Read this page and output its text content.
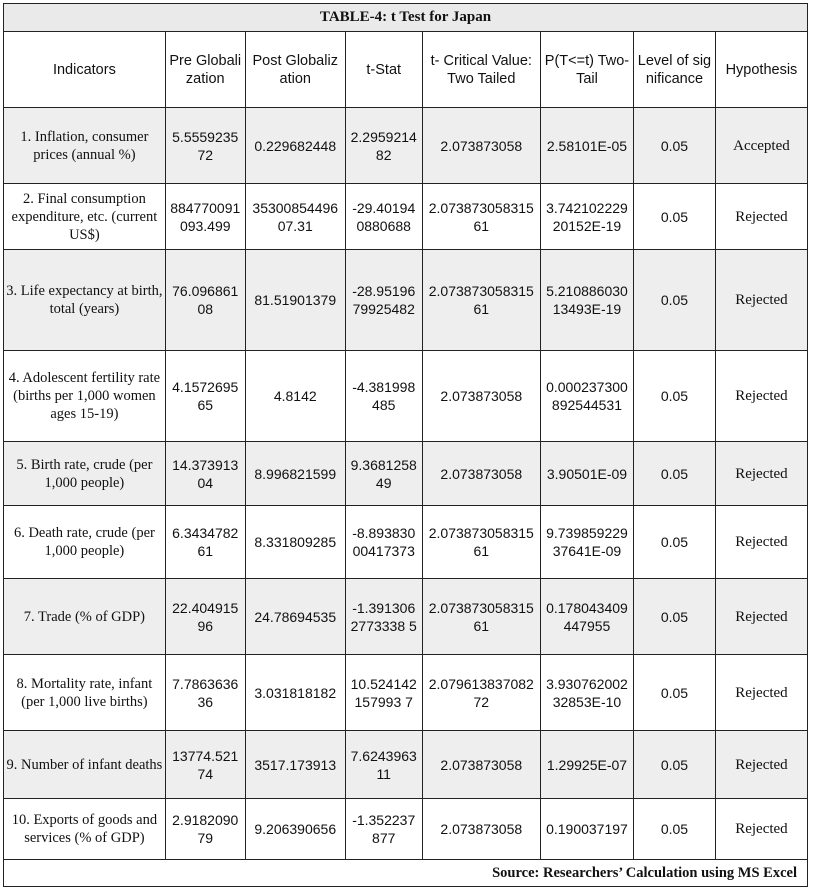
TABLE-4: t Test for Japan							
Indicators	Pre Globalization	Post Globalization	t-Stat	t- Critical Value: Two Tailed	P(T<=t) Two-Tail	Level of significance	Hypothesis
1. Inflation, consumer prices (annual %)	5.555923572	0.229682448	2.295921482	2.073873058	2.58101E-05	0.05	Accepted
2. Final consumption expenditure, etc. (current US$)	884770091093.499	3530085449607.31	-29.401940880688	2.07387305831561	3.74210222920152E-19	0.05	Rejected
3. Life expectancy at birth, total (years)	76.09686108	81.51901379	-28.9519679925482	2.07387305831561	5.21088603013493E-19	0.05	Rejected
4. Adolescent fertility rate (births per 1,000 women ages 15-19)	4.157269565	4.8142	-4.381998485	2.073873058	0.000237300892544531	0.05	Rejected
5. Birth rate, crude (per 1,000 people)	14.37391304	8.996821599	9.368125849	2.073873058	3.90501E-09	0.05	Rejected
6. Death rate, crude (per 1,000 people)	6.343478261	8.331809285	-8.89383000417373	2.07387305831561	9.73985922937641E-09	0.05	Rejected
7. Trade (% of GDP)	22.40491596	24.78694535	-1.3913062773338 5	2.07387305831561	0.178043409447955	0.05	Rejected
8. Mortality rate, infant (per 1,000 live births)	7.786363636	3.031818182	10.524142157993 7	2.07961383708272	3.93076200232853E-10	0.05	Rejected
9. Number of infant deaths	13774.52174	3517.173913	7.624396311	2.073873058	1.29925E-07	0.05	Rejected
10. Exports of goods and services (% of GDP)	2.918209079	9.206390656	-1.352237877	2.073873058	0.190037197	0.05	Rejected
Source: Researchers’ Calculation using MS Excel							
